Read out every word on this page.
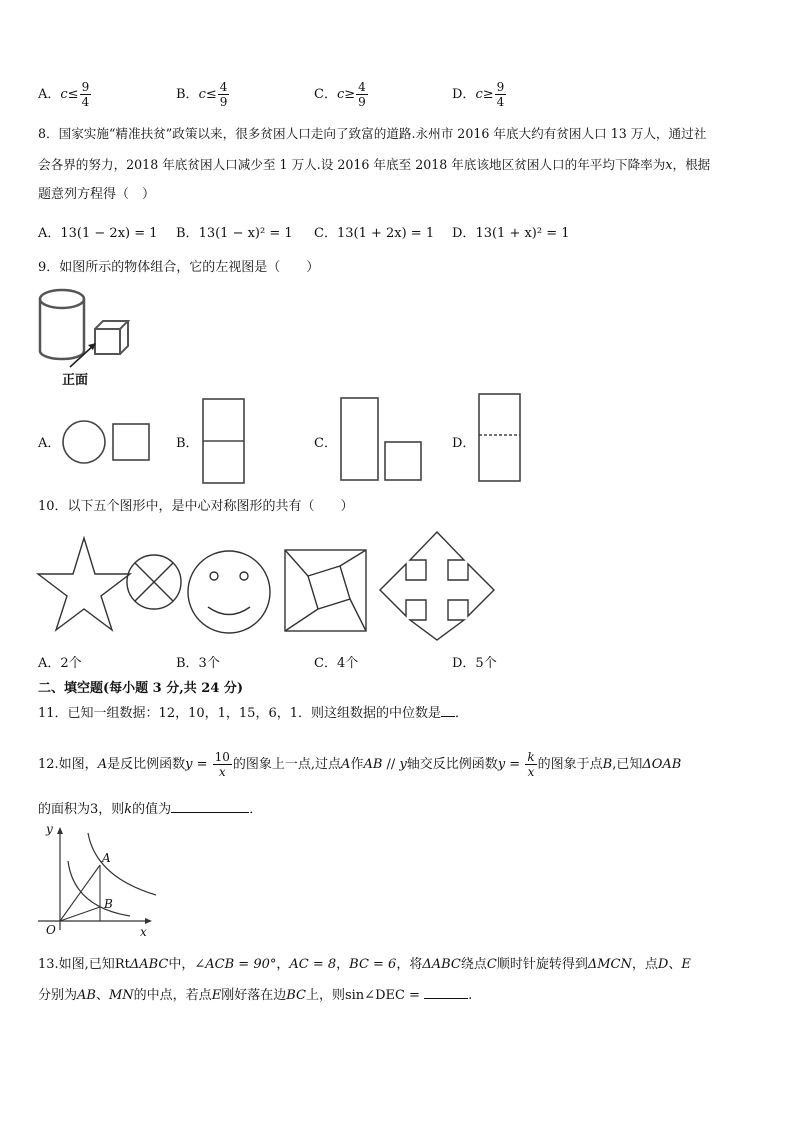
A．$c\le \frac{9}{4}$	B．$c\le \frac{4}{9}$	C．$c\ge \frac{4}{9}$	D．$c\ge \frac{9}{4}$
8．国家实施“精准扶贫”政策以来，很多贫困人口走向了致富的道路.永州市 2016 年底大约有贫困人口 13 万人，通过社
会各界的努力，2018 年底贫困人口减少至 1 万人.设 2016 年底至 2018 年底该地区贫困人口的年平均下降率为x，根据
题意列方程得（　）
A．13(1 − 2x) = 1 B．13(1 − x)² = 1 C．13(1 + 2x) = 1 D．13(1 + x)² = 1
9．如图所示的物体组合，它的左视图是（　　）
正面
A．	B．	C．	D．
10．以下五个图形中，是中心对称图形的共有（　　）
A．2个	B．3个	C．4个	D．5个
二、填空题(每小题 3 分,共 24 分)
11．已知一组数据：12，10，1，15，6，1．则这组数据的中位数是 ．
12.如图，A是反比例函数$y = \frac{10}{x}$ 的图象上一点,过点A作AB // y轴交反比例函数$y = \frac{k}{x}$ 的图象于点B,已知ΔOAB
的面积为3，则k的值为	．
y
x
O
A
B
13.如图,已知RtΔABC中，∠ACB = 90°，AC = 8，BC = 6，将ΔABC绕点C顺时针旋转得到ΔMCN，点D、E
分别为AB、MN的中点，若点E刚好落在边BC上，则sin∠DEC =	.
